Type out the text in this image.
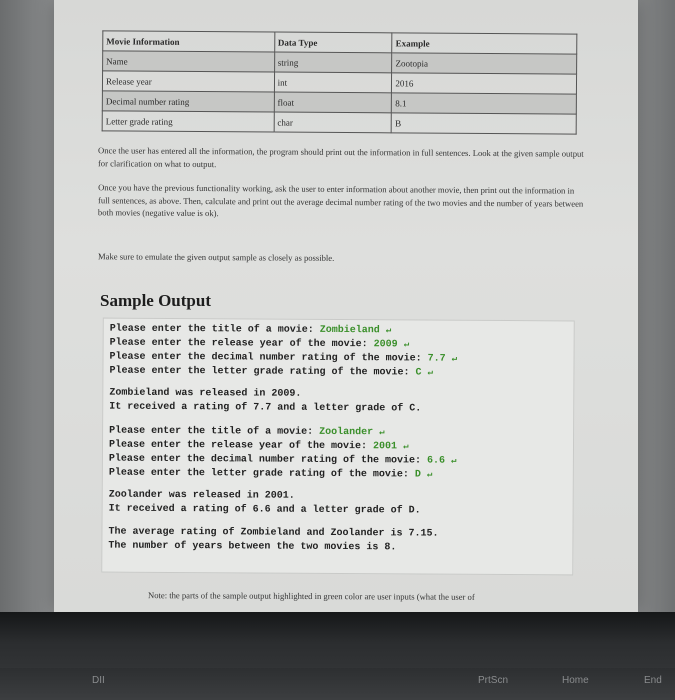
Movie Information	Data Type	Example
Name	string	Zootopia
Release year	int	2016
Decimal number rating	float	8.1
Letter grade rating	char	B
Once the user has entered all the information, the program should print out the information in full sentences. Look at the given sample output for clarification on what to output.
Once you have the previous functionality working, ask the user to enter information about another movie, then print out the information in full sentences, as above. Then, calculate and print out the average decimal number rating of the two movies and the number of years between both movies (negative value is ok).
Make sure to emulate the given output sample as closely as possible.
Sample Output
Please enter the title of a movie: Zombieland ↵
Please enter the release year of the movie: 2009 ↵
Please enter the decimal number rating of the movie: 7.7 ↵
Please enter the letter grade rating of the movie: C ↵
Zombieland was released in 2009.
It received a rating of 7.7 and a letter grade of C.
Please enter the title of a movie: Zoolander ↵
Please enter the release year of the movie: 2001 ↵
Please enter the decimal number rating of the movie: 6.6 ↵
Please enter the letter grade rating of the movie: D ↵
Zoolander was released in 2001.
It received a rating of 6.6 and a letter grade of D.
The average rating of Zombieland and Zoolander is 7.15.
The number of years between the two movies is 8.
Note: the parts of the sample output highlighted in green color are user inputs (what the user of
DII	PrtScn	Home	End
